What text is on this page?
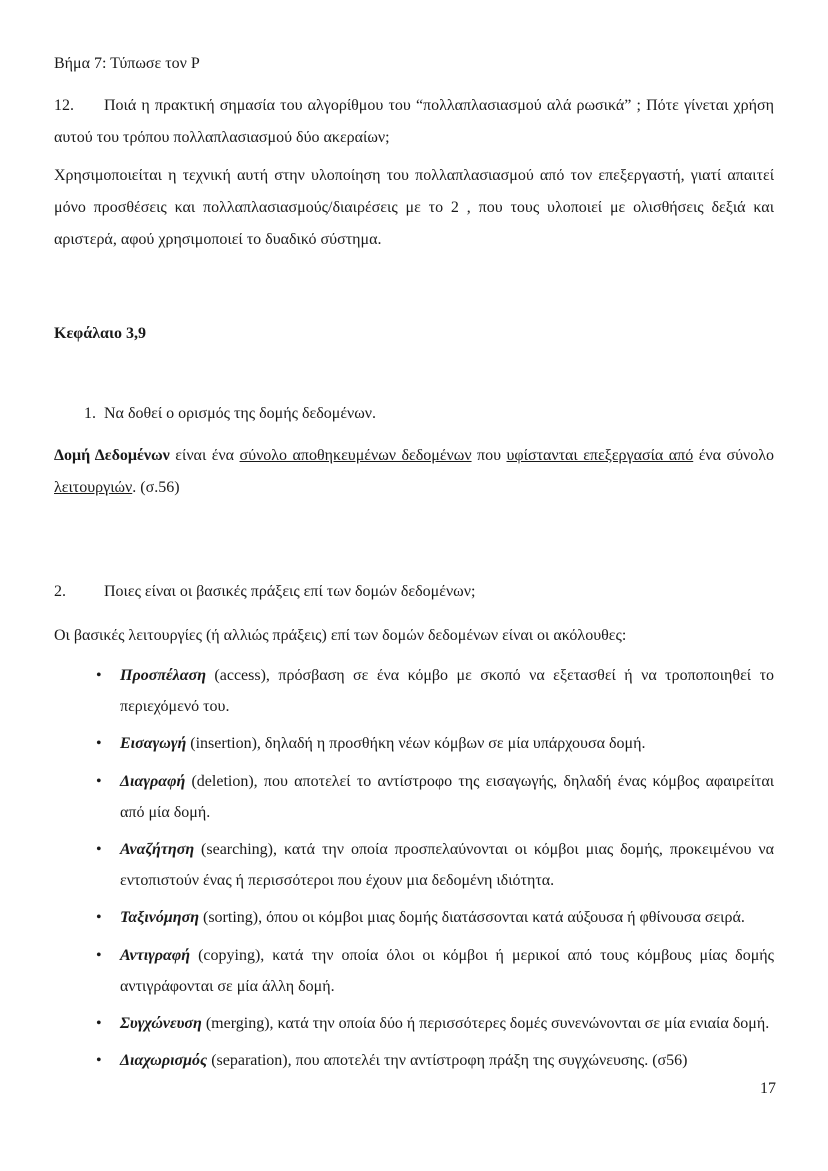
Βήμα 7: Τύπωσε τον P

12. Ποιά η πρακτική σημασία του αλγορίθμου του “πολλαπλασιασμού αλά ρωσικά” ; Πότε γίνεται χρήση αυτού του τρόπου πολλαπλασιασμού δύο ακεραίων;

Χρησιμοποιείται η τεχνική αυτή στην υλοποίηση του πολλαπλασιασμού από τον επεξεργαστή, γιατί απαιτεί μόνο προσθέσεις και πολλαπλασιασμούς/διαιρέσεις με το 2 , που τους υλοποιεί με ολισθήσεις δεξιά και αριστερά, αφού χρησιμοποιεί το δυαδικό σύστημα.

Κεφάλαιο 3,9

1. Να δοθεί ο ορισμός της δομής δεδομένων.

Δομή Δεδομένων είναι ένα σύνολο αποθηκευμένων δεδομένων που υφίστανται επεξεργασία από ένα σύνολο λειτουργιών. (σ.56)

2. Ποιες είναι οι βασικές πράξεις επί των δομών δεδομένων;

Οι βασικές λειτουργίες (ή αλλιώς πράξεις) επί των δομών δεδομένων είναι οι ακόλουθες:

• Προσπέλαση (access), πρόσβαση σε ένα κόμβο με σκοπό να εξετασθεί ή να τροποποιηθεί το περιεχόμενό του.
• Εισαγωγή (insertion), δηλαδή η προσθήκη νέων κόμβων σε μία υπάρχουσα δομή.
• Διαγραφή (deletion), που αποτελεί το αντίστροφο της εισαγωγής, δηλαδή ένας κόμβος αφαιρείται από μία δομή.
• Αναζήτηση (searching), κατά την οποία προσπελαύνονται οι κόμβοι μιας δομής, προκειμένου να εντοπιστούν ένας ή περισσότεροι που έχουν μια δεδομένη ιδιότητα.
• Ταξινόμηση (sorting), όπου οι κόμβοι μιας δομής διατάσσονται κατά αύξουσα ή φθίνουσα σειρά.
• Αντιγραφή (copying), κατά την οποία όλοι οι κόμβοι ή μερικοί από τους κόμβους μίας δομής αντιγράφονται σε μία άλλη δομή.
• Συγχώνευση (merging), κατά την οποία δύο ή περισσότερες δομές συνενώνονται σε μία ενιαία δομή.
• Διαχωρισμός (separation), που αποτελέι την αντίστροφη πράξη της συγχώνευσης. (σ56)
17
